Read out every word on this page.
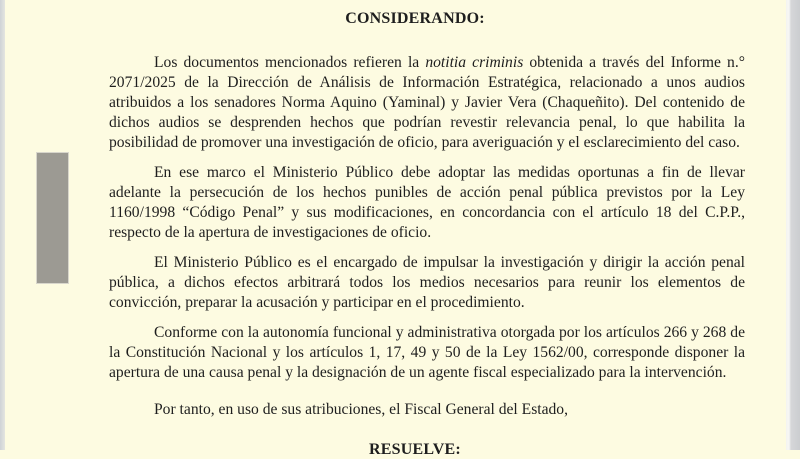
CONSIDERANDO:
Los documentos mencionados refieren la notitia criminis obtenida a través del Informe n.° 2071/2025 de la Dirección de Análisis de Información Estratégica, relacionado a unos audios atribuidos a los senadores Norma Aquino (Yaminal) y Javier Vera (Chaqueñito). Del contenido de dichos audios se desprenden hechos que podrían revestir relevancia penal, lo que habilita la posibilidad de promover una investigación de oficio, para averiguación y el esclarecimiento del caso.
En ese marco el Ministerio Público debe adoptar las medidas oportunas a fin de llevar adelante la persecución de los hechos punibles de acción penal pública previstos por la Ley 1160/1998 “Código Penal” y sus modificaciones, en concordancia con el artículo 18 del C.P.P., respecto de la apertura de investigaciones de oficio.
El Ministerio Público es el encargado de impulsar la investigación y dirigir la acción penal pública, a dichos efectos arbitrará todos los medios necesarios para reunir los elementos de convicción, preparar la acusación y participar en el procedimiento.
Conforme con la autonomía funcional y administrativa otorgada por los artículos 266 y 268 de la Constitución Nacional y los artículos 1, 17, 49 y 50 de la Ley 1562/00, corresponde disponer la apertura de una causa penal y la designación de un agente fiscal especializado para la intervención.
Por tanto, en uso de sus atribuciones, el Fiscal General del Estado,
RESUELVE:
